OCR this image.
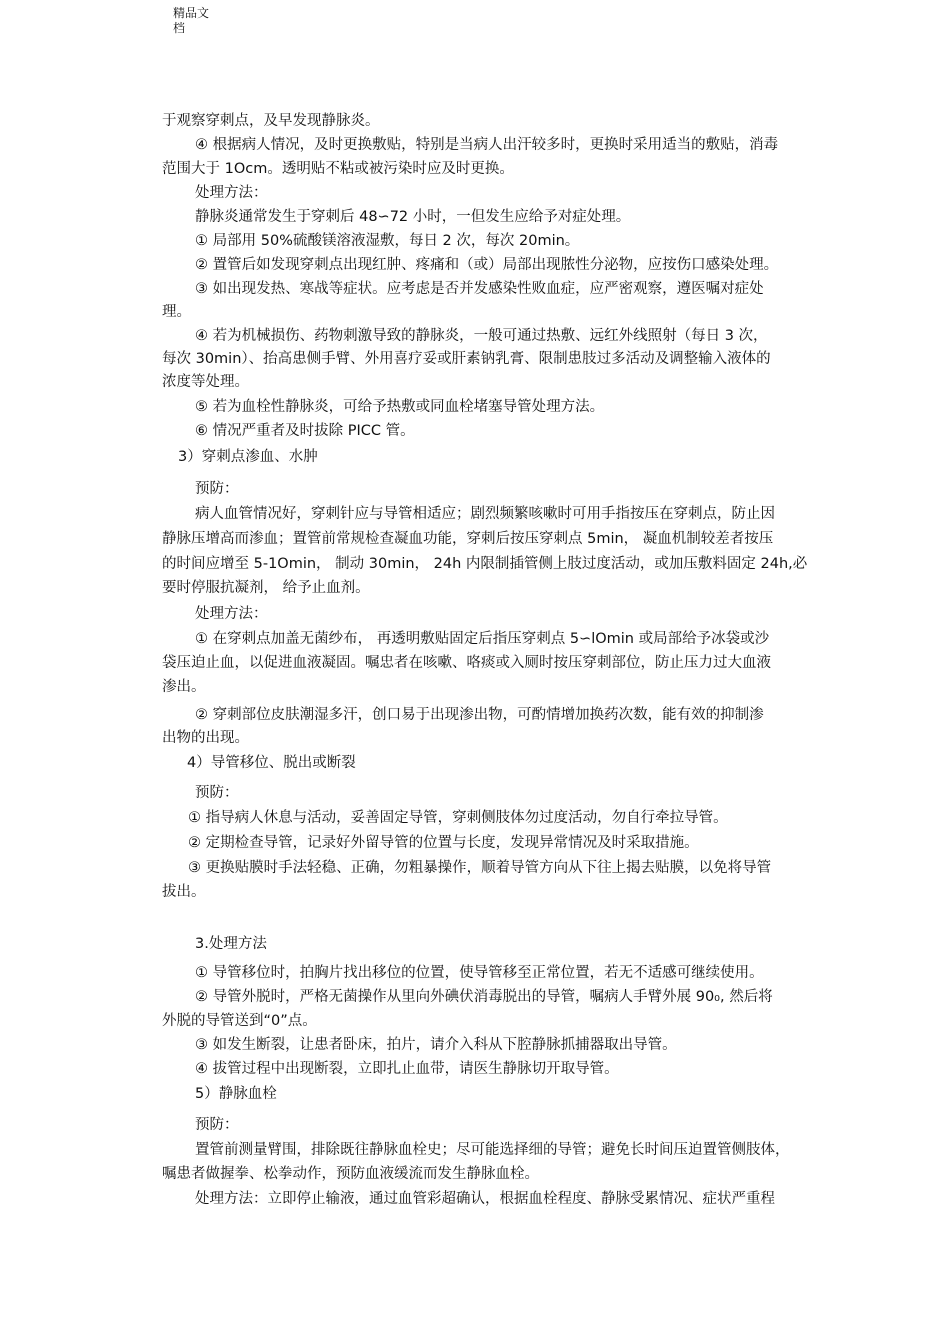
精品文
档
于观察穿刺点，及早发现静脉炎。
④ 根据病人情况，及时更换敷贴，特别是当病人出汗较多时，更换时采用适当的敷贴，消毒
范围大于 1Ocm。透明贴不粘或被污染时应及时更换。
处理方法：
静脉炎通常发生于穿刺后 48∽72 小时，一但发生应给予对症处理。
① 局部用 50%硫酸镁溶液湿敷，每日 2 次，每次 20min。
② 置管后如发现穿刺点出现红肿、疼痛和（或）局部出现脓性分泌物，应按伤口感染处理。
③ 如出现发热、寒战等症状。应考虑是否并发感染性败血症，应严密观察，遵医嘱对症处
理。
④ 若为机械损伤、药物刺激导致的静脉炎，一般可通过热敷、远红外线照射（每日 3 次，
每次 30min）、抬高患侧手臂、外用喜疗妥或肝素钠乳膏、限制患肢过多活动及调整输入液体的
浓度等处理。
⑤ 若为血栓性静脉炎，可给予热敷或同血栓堵塞导管处理方法。
⑥ 情况严重者及时拔除 PICC 管。
3）穿刺点渗血、水肿
预防：
病人血管情况好，穿刺针应与导管相适应；剧烈频繁咳嗽时可用手指按压在穿刺点，防止因
静脉压增高而渗血；置管前常规检查凝血功能，穿刺后按压穿刺点 5min， 凝血机制较差者按压
的时间应增至 5-1Omin， 制动 30min， 24h 内限制插管侧上肢过度活动，或加压敷料固定 24h,必
要时停服抗凝剂， 给予止血剂。
处理方法：
① 在穿刺点加盖无菌纱布， 再透明敷贴固定后指压穿刺点 5∽lOmin 或局部给予冰袋或沙
袋压迫止血，以促进血液凝固。嘱忠者在咳嗽、咯痰或入厕时按压穿刺部位，防止压力过大血液
渗出。
② 穿刺部位皮肤潮湿多汗，创口易于出现渗出物，可酌情增加换药次数，能有效的抑制渗
出物的出现。
4）导管移位、脱出或断裂
预防：
① 指导病人休息与活动，妥善固定导管，穿刺侧肢体勿过度活动，勿自行牵拉导管。
② 定期检查导管，记录好外留导管的位置与长度，发现异常情况及时采取措施。
③ 更换贴膜时手法轻稳、正确，勿粗暴操作，顺着导管方向从下往上揭去贴膜，以免将导管
拔出。
3.处理方法
① 导管移位时，拍胸片找出移位的位置，使导管移至正常位置，若无不适感可继续使用。
② 导管外脱时，严格无菌操作从里向外碘伏消毒脱出的导管，嘱病人手臂外展 90₀, 然后将
外脱的导管送到“0”点。
③ 如发生断裂，让患者卧床，拍片，请介入科从下腔静脉抓捕器取出导管。
④ 拔管过程中出现断裂，立即扎止血带，请医生静脉切开取导管。
5）静脉血栓
预防：
置管前测量臂围，排除既往静脉血栓史；尽可能选择细的导管；避免长时间压迫置管侧肢体，
嘱患者做握拳、松拳动作，预防血液缓流而发生静脉血栓。
处理方法：立即停止输液，通过血管彩超确认，根据血栓程度、静脉受累情况、症状严重程
